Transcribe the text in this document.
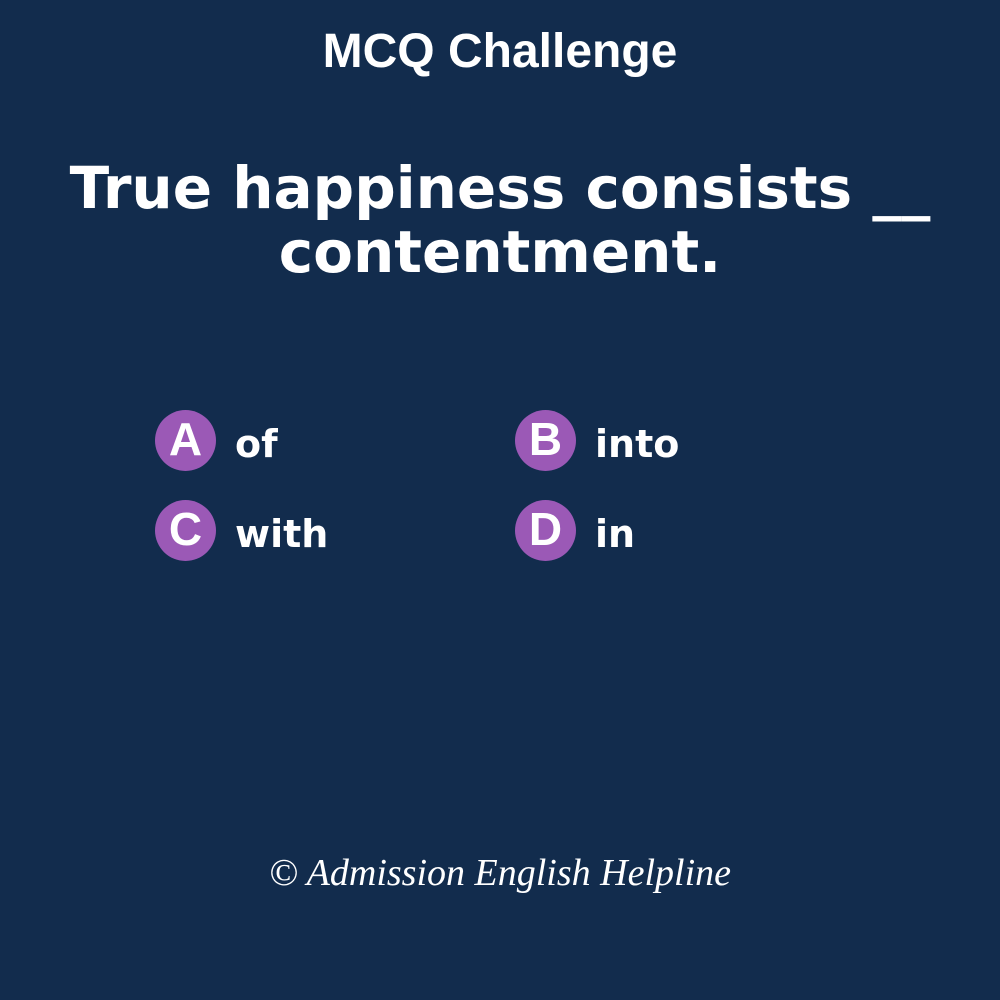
MCQ Challenge
True happiness consists __
contentment.
A of	B into
C with	D in
© Admission English Helpline
